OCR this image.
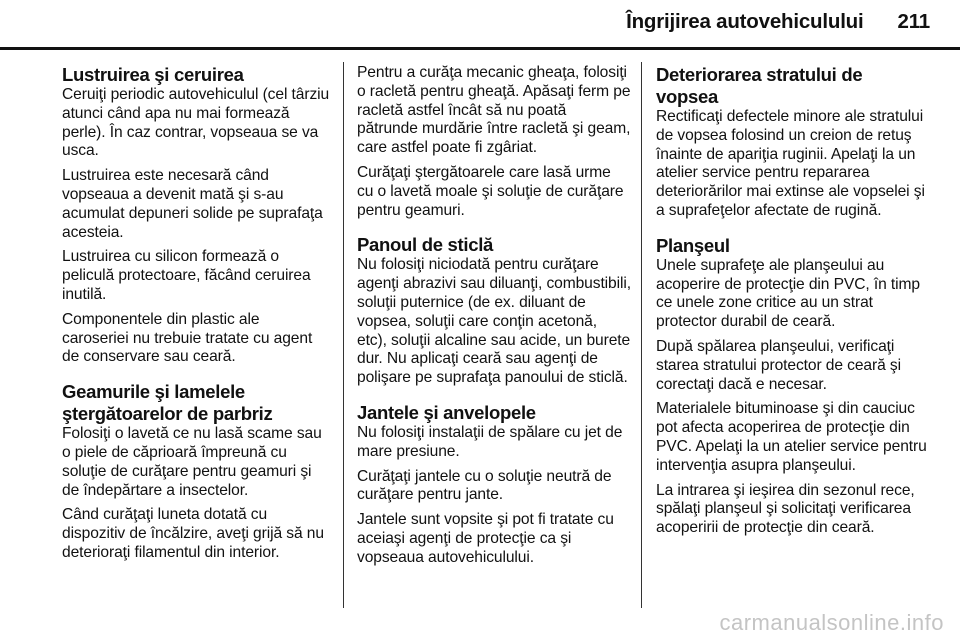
Îngrijirea autovehiculului 211
Lustruirea şi ceruirea

Ceruiţi periodic autovehiculul (cel târziu atunci când apa nu mai formează perle). În caz contrar, vopseaua se va usca.

Lustruirea este necesară când vopseaua a devenit mată şi s-au acumulat depuneri solide pe suprafaţa acesteia.

Lustruirea cu silicon formează o peliculă protectoare, făcând ceruirea inutilă.

Componentele din plastic ale caroseriei nu trebuie tratate cu agent de conservare sau ceară.

Geamurile şi lamelele
ştergătoarelor de parbriz

Folosiţi o lavetă ce nu lasă scame sau o piele de căprioară împreună cu soluţie de curăţare pentru geamuri şi de îndepărtare a insectelor.

Când curăţaţi luneta dotată cu dispozitiv de încălzire, aveţi grijă să nu deterioraţi filamentul din interior.

Pentru a curăţa mecanic gheaţa, folosiţi o racletă pentru gheaţă. Apăsaţi ferm pe racletă astfel încât să nu poată pătrunde murdărie între racletă şi geam, care astfel poate fi zgâriat.

Curăţaţi ştergătoarele care lasă urme cu o lavetă moale şi soluţie de curăţare pentru geamuri.

Panoul de sticlă

Nu folosiţi niciodată pentru curăţare agenţi abrazivi sau diluanţi, combustibili, soluţii puternice (de ex. diluant de vopsea, soluţii care conţin acetonă, etc), soluţii alcaline sau acide, un burete dur. Nu aplicaţi ceară sau agenţi de polişare pe suprafaţa panoului de sticlă.

Jantele şi anvelopele

Nu folosiţi instalaţii de spălare cu jet de mare presiune.

Curăţaţi jantele cu o soluţie neutră de curăţare pentru jante.

Jantele sunt vopsite şi pot fi tratate cu aceiaşi agenţi de protecţie ca şi vopseaua autovehiculului.

Deteriorarea stratului de vopsea

Rectificaţi defectele minore ale stratului de vopsea folosind un creion de retuş înainte de apariţia ruginii. Apelaţi la un atelier service pentru repararea deteriorărilor mai extinse ale vopselei şi a suprafeţelor afectate de rugină.

Planşeul

Unele suprafeţe ale planşeului au acoperire de protecţie din PVC, în timp ce unele zone critice au un strat protector durabil de ceară.

După spălarea planşeului, verificaţi starea stratului protector de ceară şi corectaţi dacă e necesar.

Materialele bituminoase şi din cauciuc pot afecta acoperirea de protecţie din PVC. Apelaţi la un atelier service pentru intervenţia asupra planşeului.

La intrarea şi ieşirea din sezonul rece, spălaţi planşeul şi solicitaţi verificarea acoperirii de protecţie din ceară.

carmanualsonline.info
